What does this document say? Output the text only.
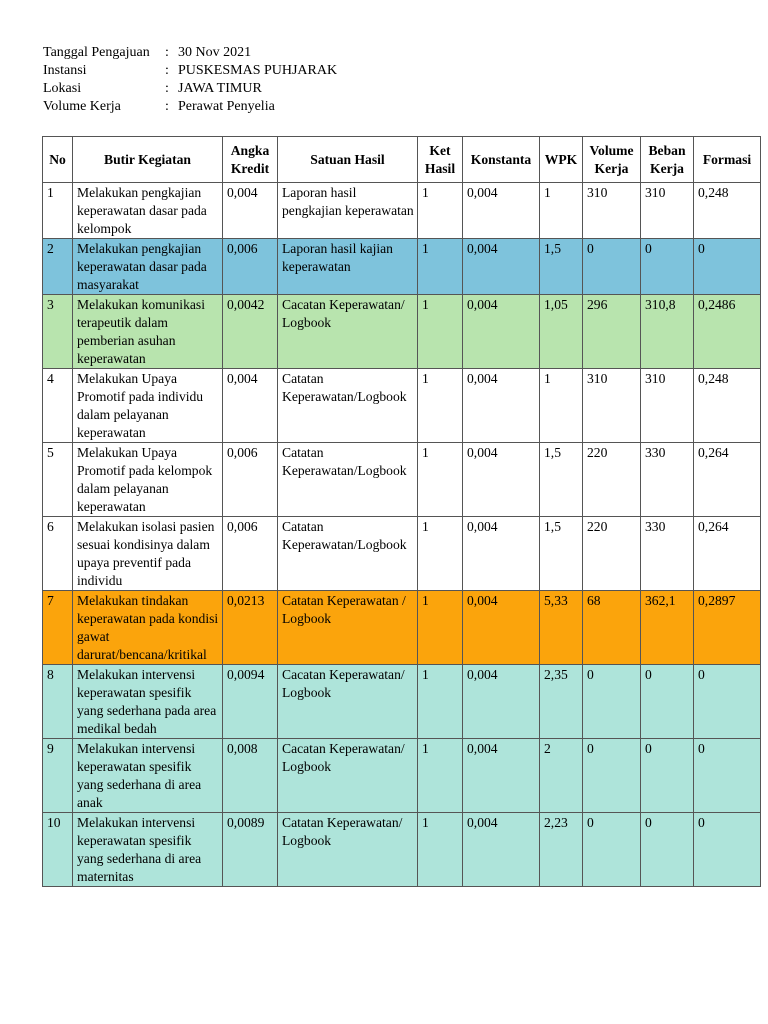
Tanggal Pengajuan	: 30 Nov 2021
Instansi	: PUSKESMAS PUHJARAK
Lokasi	: JAWA TIMUR
Volume Kerja	: Perawat Penyelia
No	Butir Kegiatan	Angka Kredit	Satuan Hasil	Ket Hasil	Konstanta	WPK	Volume Kerja	Beban Kerja	Formasi
1	Melakukan pengkajian keperawatan dasar pada kelompok	0,004	Laporan hasil pengkajian keperawatan	1	0,004	1	310	310	0,248
2	Melakukan pengkajian keperawatan dasar pada masyarakat	0,006	Laporan hasil kajian keperawatan	1	0,004	1,5	0	0	0
3	Melakukan komunikasi terapeutik dalam pemberian asuhan keperawatan	0,0042	Cacatan Keperawatan/ Logbook	1	0,004	1,05	296	310,8	0,2486
4	Melakukan Upaya Promotif pada individu dalam pelayanan keperawatan	0,004	Catatan Keperawatan/Logbook	1	0,004	1	310	310	0,248
5	Melakukan Upaya Promotif pada kelompok dalam pelayanan keperawatan	0,006	Catatan Keperawatan/Logbook	1	0,004	1,5	220	330	0,264
6	Melakukan isolasi pasien sesuai kondisinya dalam upaya preventif pada individu	0,006	Catatan Keperawatan/Logbook	1	0,004	1,5	220	330	0,264
7	Melakukan tindakan keperawatan pada kondisi gawat darurat/bencana/kritikal	0,0213	Catatan Keperawatan / Logbook	1	0,004	5,33	68	362,1	0,2897
8	Melakukan intervensi keperawatan spesifik yang sederhana pada area medikal bedah	0,0094	Cacatan Keperawatan/ Logbook	1	0,004	2,35	0	0	0
9	Melakukan intervensi keperawatan spesifik yang sederhana di area anak	0,008	Cacatan Keperawatan/ Logbook	1	0,004	2	0	0	0
10	Melakukan intervensi keperawatan spesifik yang sederhana di area maternitas	0,0089	Catatan Keperawatan/ Logbook	1	0,004	2,23	0	0	0
